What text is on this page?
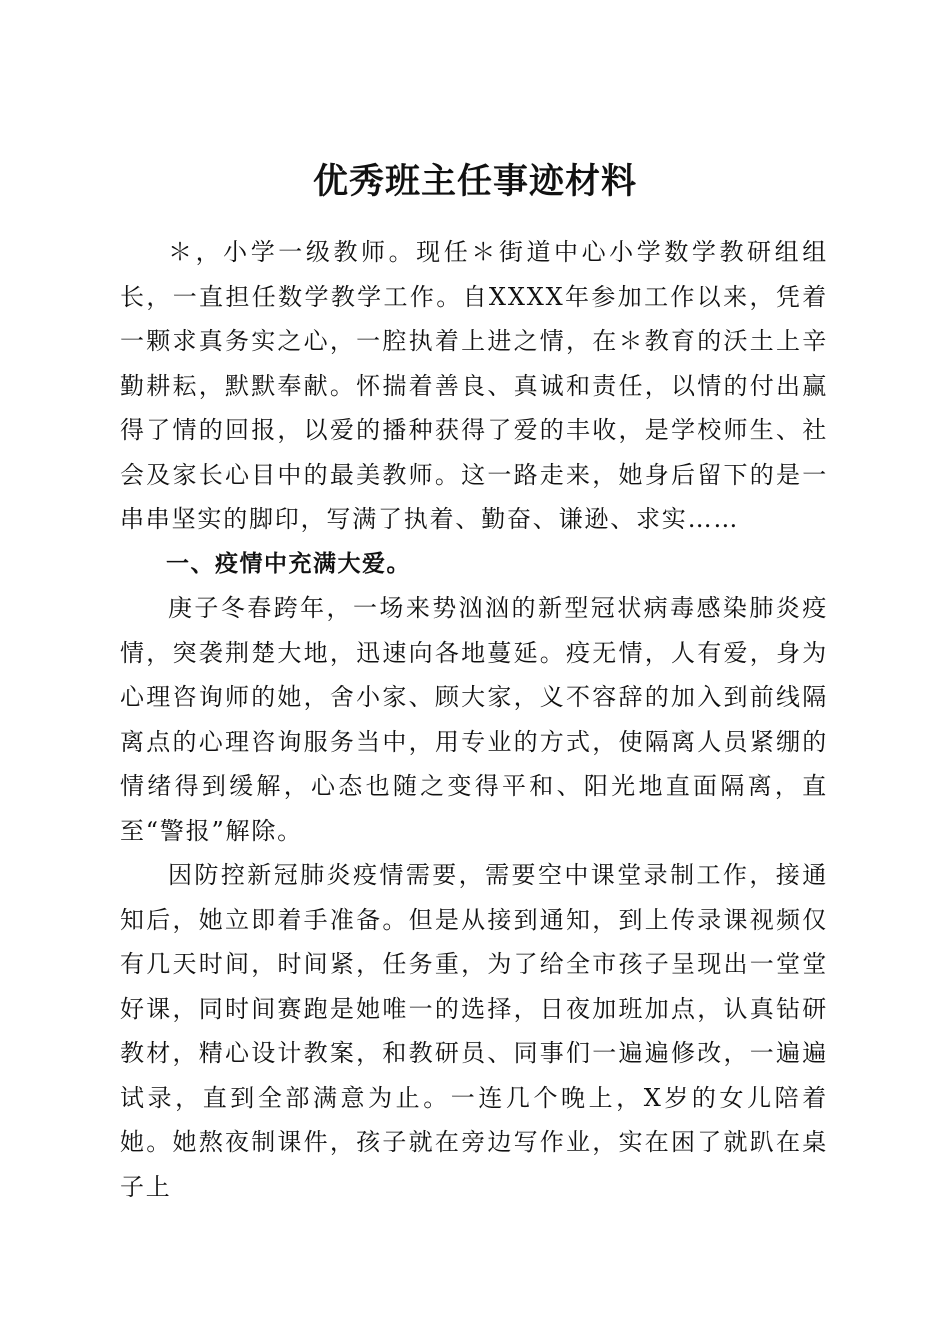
优秀班主任事迹材料

＊，小学一级教师。现任＊街道中心小学数学教研组组长，一直担任数学教学工作。自XXXX年参加工作以来，凭着一颗求真务实之心，一腔执着上进之情，在＊教育的沃土上辛勤耕耘，默默奉献。怀揣着善良、真诚和责任，以情的付出赢得了情的回报，以爱的播种获得了爱的丰收，是学校师生、社会及家长心目中的最美教师。这一路走来，她身后留下的是一串串坚实的脚印，写满了执着、勤奋、谦逊、求实……

一、疫情中充满大爱。

庚子冬春跨年，一场来势汹汹的新型冠状病毒感染肺炎疫情，突袭荆楚大地，迅速向各地蔓延。疫无情，人有爱，身为心理咨询师的她，舍小家、顾大家，义不容辞的加入到前线隔离点的心理咨询服务当中，用专业的方式，使隔离人员紧绷的情绪得到缓解，心态也随之变得平和、阳光地直面隔离，直至“警报”解除。

因防控新冠肺炎疫情需要，需要空中课堂录制工作，接通知后，她立即着手准备。但是从接到通知，到上传录课视频仅有几天时间，时间紧，任务重，为了给全市孩子呈现出一堂堂好课，同时间赛跑是她唯一的选择，日夜加班加点，认真钻研教材，精心设计教案，和教研员、同事们一遍遍修改，一遍遍试录，直到全部满意为止。一连几个晚上，X岁的女儿陪着她。她熬夜制课件，孩子就在旁边写作业，实在困了就趴在桌子上
